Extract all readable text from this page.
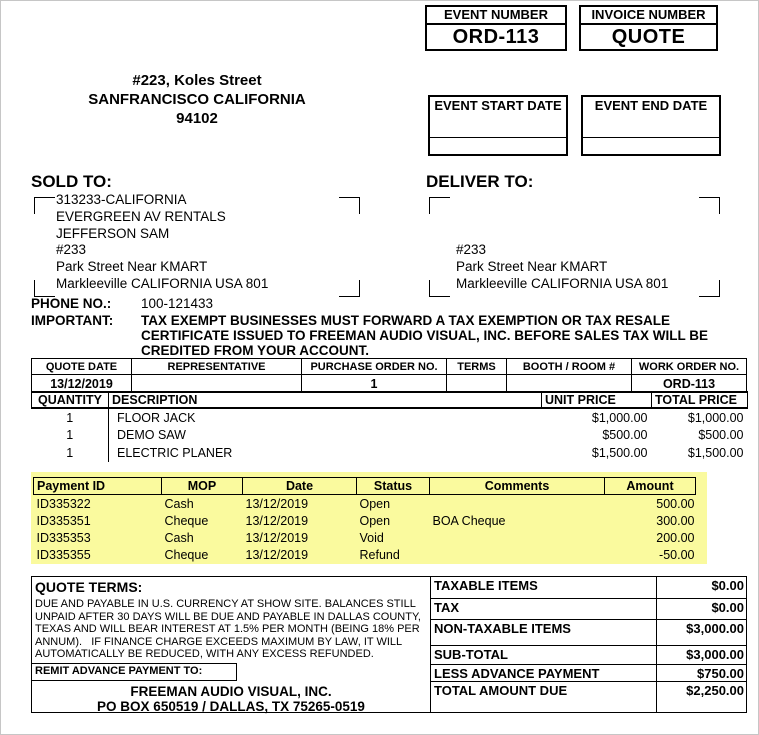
EVENT NUMBER
ORD-113
INVOICE NUMBER
QUOTE
#223, Koles Street
SANFRANCISCO CALIFORNIA
94102
EVENT START DATE	EVENT END DATE
SOLD TO:
313233-CALIFORNIA
EVERGREEN AV RENTALS
JEFFERSON SAM
#233
Park Street Near KMART
Markleeville CALIFORNIA USA 801
DELIVER TO:
#233
Park Street Near KMART
Markleeville CALIFORNIA USA 801
PHONE NO.: 100-121433
IMPORTANT: TAX EXEMPT BUSINESSES MUST FORWARD A TAX EXEMPTION OR TAX RESALE
CERTIFICATE ISSUED TO FREEMAN AUDIO VISUAL, INC. BEFORE SALES TAX WILL BE
CREDITED FROM YOUR ACCOUNT.
QUOTE DATE	REPRESENTATIVE	PURCHASE ORDER NO.	TERMS	BOOTH / ROOM #	WORK ORDER NO.
13/12/2019		1			ORD-113
QUANTITY	DESCRIPTION	UNIT PRICE	TOTAL PRICE
1	FLOOR JACK	$1,000.00	$1,000.00
1	DEMO SAW	$500.00	$500.00
1	ELECTRIC PLANER	$1,500.00	$1,500.00
Payment ID	MOP	Date	Status	Comments	Amount
ID335322	Cash	13/12/2019	Open		500.00
ID335351	Cheque	13/12/2019	Open	BOA Cheque	300.00
ID335353	Cash	13/12/2019	Void		200.00
ID335355	Cheque	13/12/2019	Refund		-50.00
QUOTE TERMS:
DUE AND PAYABLE IN U.S. CURRENCY AT SHOW SITE. BALANCES STILL
UNPAID AFTER 30 DAYS WILL BE DUE AND PAYABLE IN DALLAS COUNTY,
TEXAS AND WILL BEAR INTEREST AT 1.5% PER MONTH (BEING 18% PER
ANNUM).   IF FINANCE CHARGE EXCEEDS MAXIMUM BY LAW, IT WILL
AUTOMATICALLY BE REDUCED, WITH ANY EXCESS REFUNDED.
REMIT ADVANCE PAYMENT TO:
FREEMAN AUDIO VISUAL, INC.
PO BOX 650519 / DALLAS, TX 75265-0519
TAXABLE ITEMS	$0.00
TAX	$0.00
NON-TAXABLE ITEMS	$3,000.00
SUB-TOTAL	$3,000.00
LESS ADVANCE PAYMENT	$750.00
TOTAL AMOUNT DUE	$2,250.00
